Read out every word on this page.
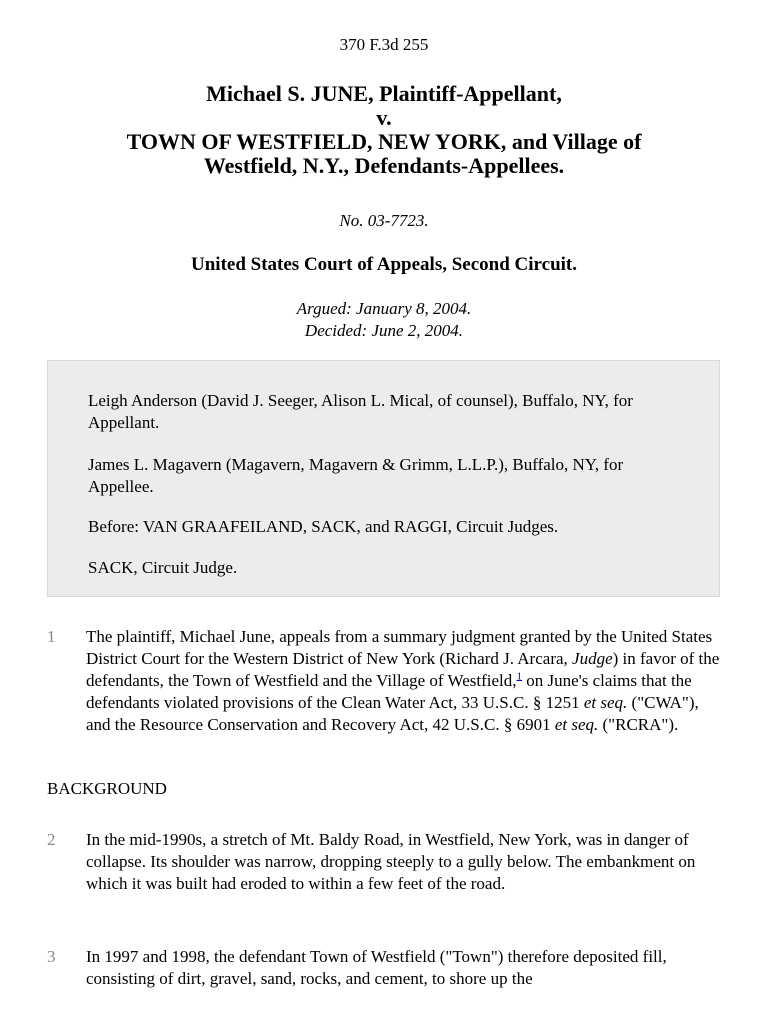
370 F.3d 255
Michael S. JUNE, Plaintiff-Appellant,
v.
TOWN OF WESTFIELD, NEW YORK, and Village of
Westfield, N.Y., Defendants-Appellees.
No. 03-7723.
United States Court of Appeals, Second Circuit.
Argued: January 8, 2004.
Decided: June 2, 2004.

Leigh Anderson (David J. Seeger, Alison L. Mical, of counsel), Buffalo, NY, for Appellant.

James L. Magavern (Magavern, Magavern & Grimm, L.L.P.), Buffalo, NY, for Appellee.

Before: VAN GRAAFEILAND, SACK, and RAGGI, Circuit Judges.

SACK, Circuit Judge.

1	The plaintiff, Michael June, appeals from a summary judgment granted by the United States District Court for the Western District of New York (Richard J. Arcara, Judge) in favor of the defendants, the Town of Westfield and the Village of Westfield,$^1$ on June's claims that the defendants violated provisions of the Clean Water Act, 33 U.S.C. § 1251 et seq. ("CWA"), and the Resource Conservation and Recovery Act, 42 U.S.C. § 6901 et seq. ("RCRA").
BACKGROUND
2	In the mid-1990s, a stretch of Mt. Baldy Road, in Westfield, New York, was in danger of collapse. Its shoulder was narrow, dropping steeply to a gully below. The embankment on which it was built had eroded to within a few feet of the road.
3	In 1997 and 1998, the defendant Town of Westfield ("Town") therefore deposited fill, consisting of dirt, gravel, sand, rocks, and cement, to shore up the
